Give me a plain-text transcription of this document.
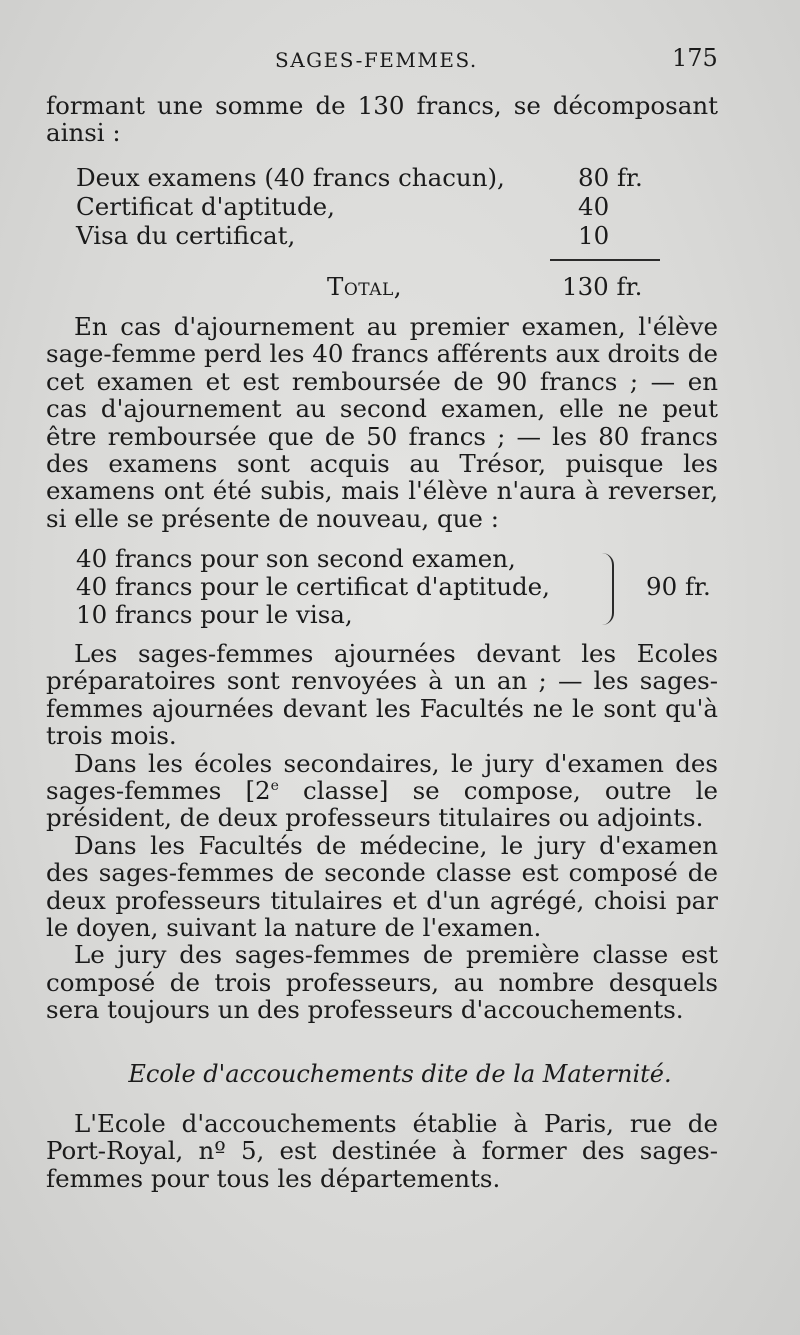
SAGES-FEMMES.	175

formant une somme de 130 francs, se décomposant

ainsi :

Deux examens (40 francs chacun),	80 fr.
Certificat d'aptitude,	40
Visa du certificat,	10
Total,	130 fr.

En cas d'ajournement au premier examen, l'élève sage-femme perd les 40 francs afférents aux droits de cet examen et est remboursée de 90 francs ; — en cas d'ajournement au second examen, elle ne peut être remboursée que de 50 francs ; — les 80 francs des examens sont acquis au Trésor, puisque les examens ont été subis, mais l'élève n'aura à reverser, si elle se présente de nouveau, que :

40 francs pour son second examen,
40 francs pour le certificat d'aptitude,
10 francs pour le visa,
90 fr.

Les sages-femmes ajournées devant les Ecoles préparatoires sont renvoyées à un an ; — les sages-femmes ajournées devant les Facultés ne le sont qu'à trois mois.

Dans les écoles secondaires, le jury d'examen des sages-femmes [2e classe] se compose, outre le président, de deux professeurs titulaires ou adjoints.

Dans les Facultés de médecine, le jury d'examen des sages-femmes de seconde classe est composé de deux professeurs titulaires et d'un agrégé, choisi par le doyen, suivant la nature de l'examen.

Le jury des sages-femmes de première classe est composé de trois professeurs, au nombre desquels sera toujours un des professeurs d'accouchements.

Ecole d'accouchements dite de la Maternité.

L'Ecole d'accouchements établie à Paris, rue de Port-Royal, nº 5, est destinée à former des sages-femmes pour tous les départements.
